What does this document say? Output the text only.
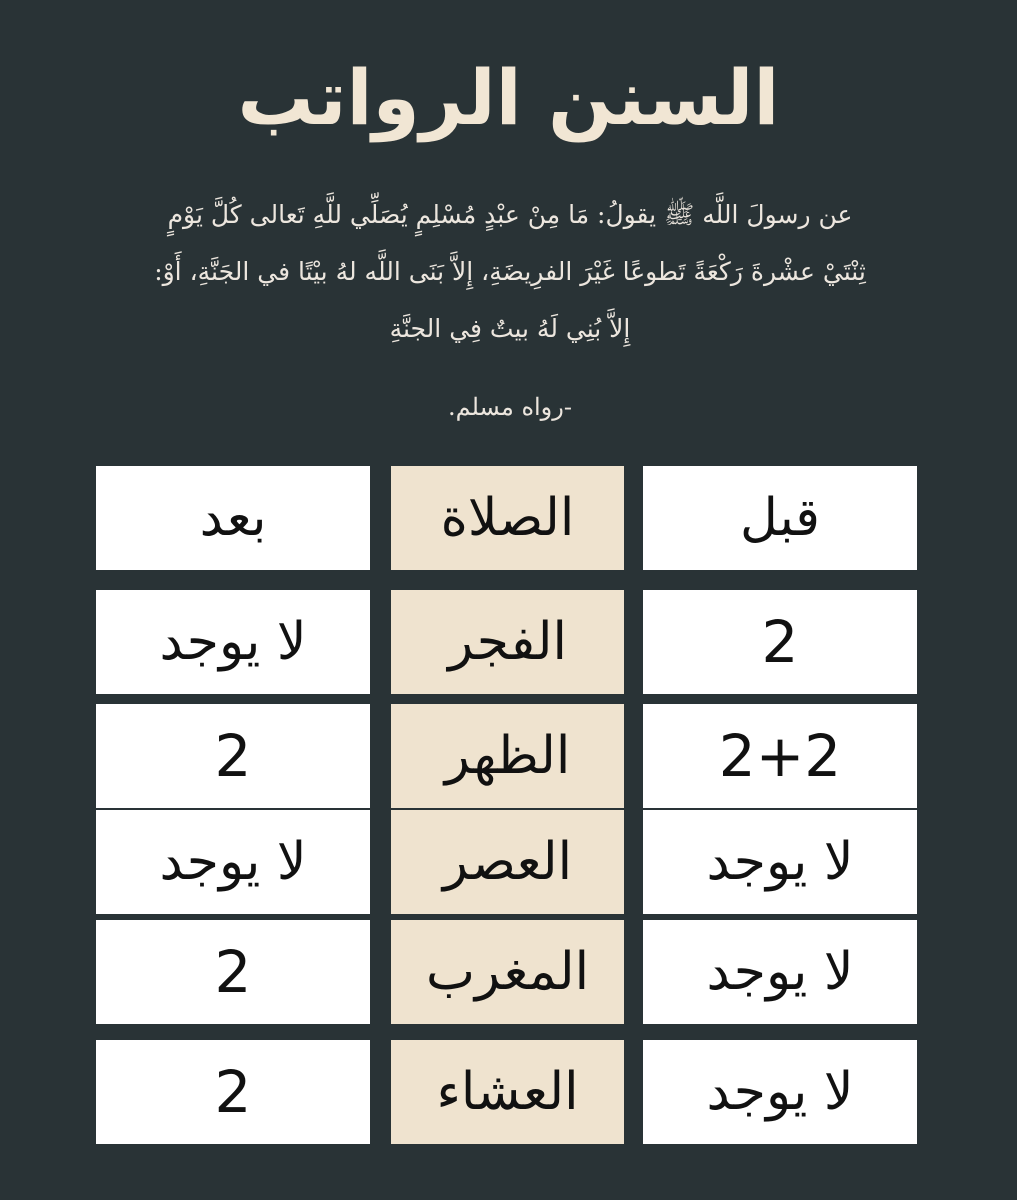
السنن الرواتب
عن رسولَ اللَّه ﷺ يقولُ: مَا مِنْ عبْدٍ مُسْلِمٍ يُصَلِّي للَّهِ تَعالى كُلَّ يَوْمٍ
ثِنْتَيْ عشْرةَ رَكْعَةً تَطوعًا غَيْرَ الفرِيضَةِ، إِلاَّ بَنَى اللَّه لهُ بيْتًا في الجَنَّةِ، أَوْ:
إِلاَّ بُنِي لَهُ بيتٌ فِي الجنَّةِ
-رواه مسلم.
قبل
الصلاة
بعد
2
الفجر
لا يوجد
2+2
الظهر
2
لا يوجد
العصر
لا يوجد
لا يوجد
المغرب
2
لا يوجد
العشاء
2
